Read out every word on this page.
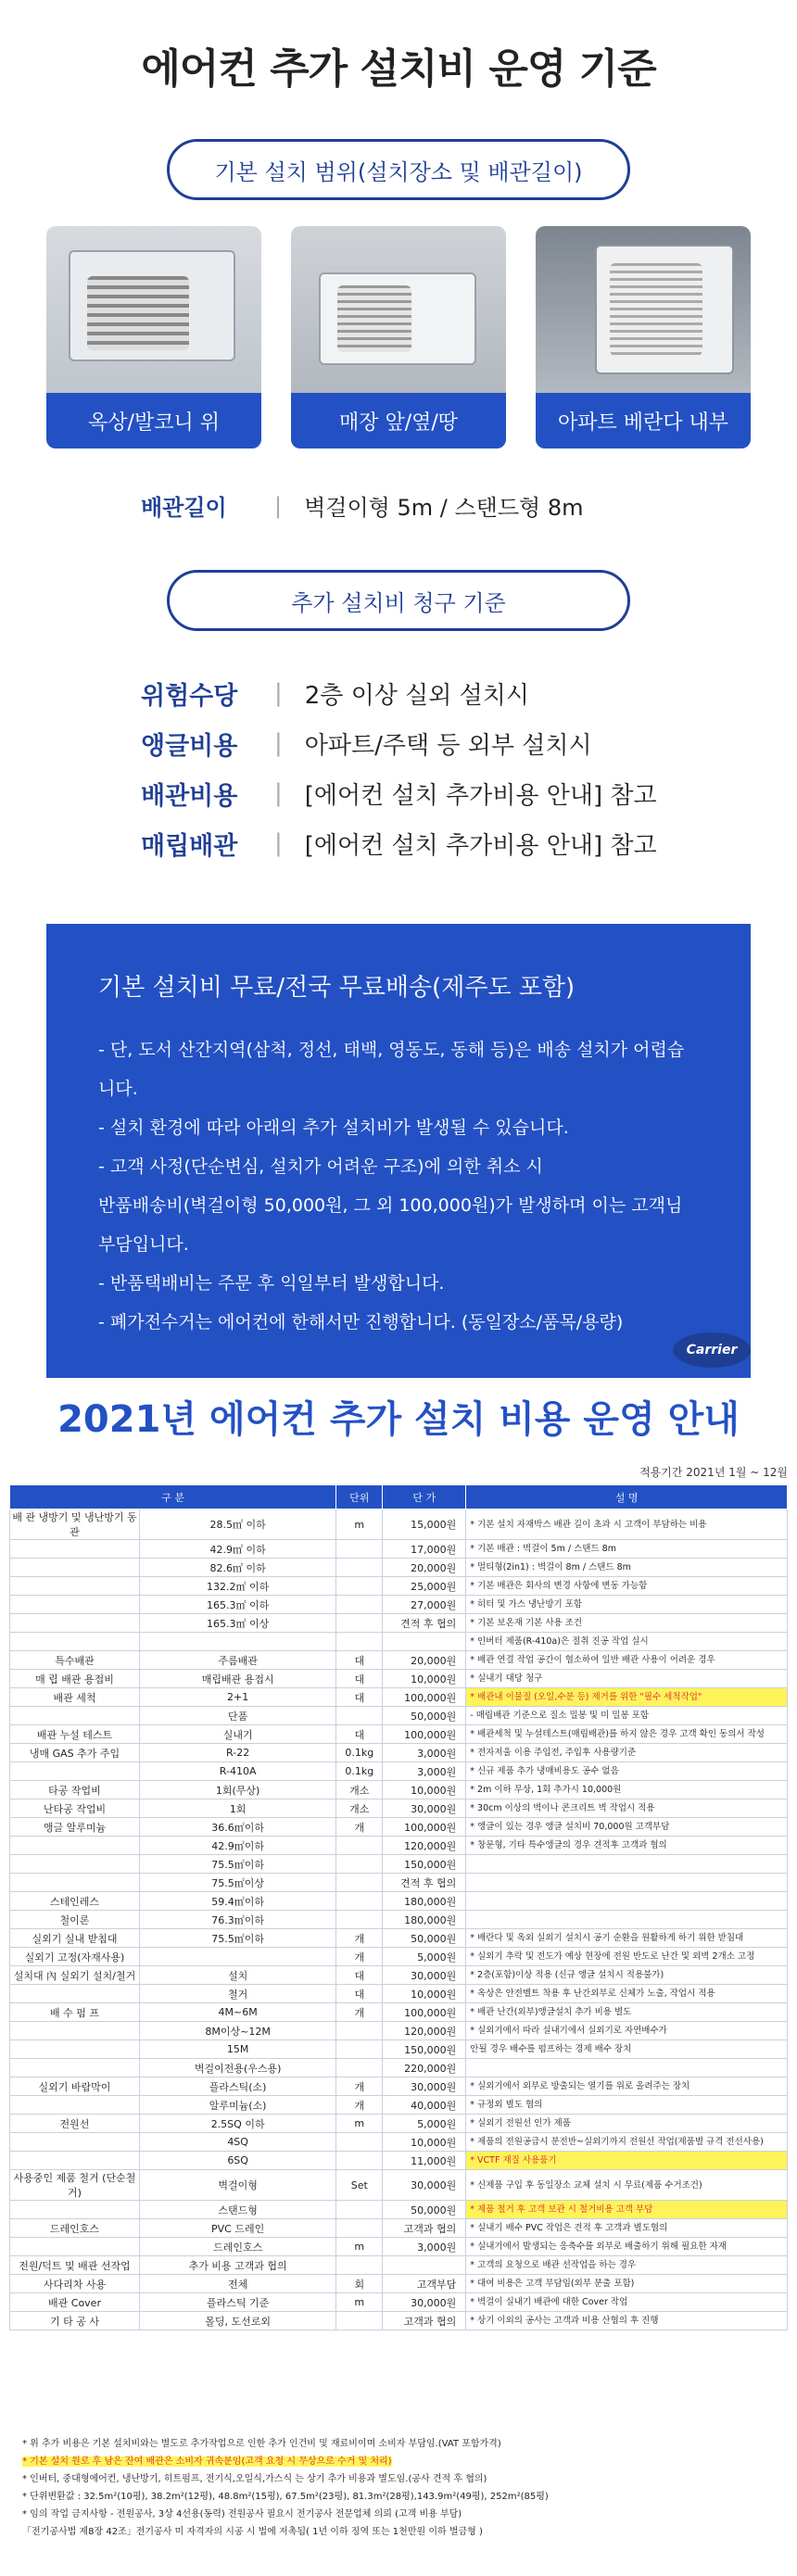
에어컨 추가 설치비 운영 기준
기본 설치 범위(설치장소 및 배관길이)
옥상/발코니 위	매장 앞/옆/땅	아파트 베란다 내부
배관길이	| 벽걸이형 5m / 스탠드형 8m
추가 설치비 청구 기준
위험수당	| 2층 이상 실외 설치시
앵글비용	| 아파트/주택 등 외부 설치시
배관비용	| [에어컨 설치 추가비용 안내] 참고
매립배관	| [에어컨 설치 추가비용 안내] 참고
기본 설치비 무료/전국 무료배송(제주도 포함)
- 단, 도서 산간지역(삼척, 정선, 태백, 영동도, 동해 등)은 배송 설치가 어렵습니다.
- 설치 환경에 따라 아래의 추가 설치비가 발생될 수 있습니다.
- 고객 사정(단순변심, 설치가 어려운 구조)에 의한 취소 시
반품배송비(벽걸이형 50,000원, 그 외 100,000원)가 발생하며 이는 고객님 부담입니다.
- 반품택배비는 주문 후 익일부터 발생합니다.
- 폐가전수거는 에어컨에 한해서만 진행합니다. (동일장소/품목/용량)
Carrier
2021년 에어컨 추가 설치 비용 운영 안내
적용기간 2021년 1월 ~ 12월
구 분		단위	단 가	설 명
배 관 냉방기 및 냉난방기 동관	28.5㎡ 이하	m	15,000원	* 기본 설치 자재박스 배관 길이 초과 시 고객이 부담하는 비용
	42.9㎡ 이하		17,000원	* 기본 배관 : 벽걸이 5m / 스탠드 8m
	82.6㎡ 이하		20,000원	* 멀티형(2in1) : 벽걸이 8m / 스탠드 8m
	132.2㎡ 이하		25,000원	* 기본 배관은 회사의 변경 사항에 변동 가능함
	165.3㎡ 이하		27,000원	* 히터 및 가스 냉난방기 포함
	165.3㎡ 이상		견적 후 협의	* 기본 보온재 기본 사용 조건
				* 인버터 제품(R-410a)은 절취 진공 작업 실시
특수배관	주름배관	대	20,000원	* 배관 연결 작업 공간이 협소하여 일반 배관 사용이 어려운 경우
매 립 배관 용접비	매립배관 용접시	대	10,000원	* 실내기 대당 청구
배관 세척	2+1	대	100,000원	* 배관내 이물질 (오일,수분 등) 제거를 위한 "필수 세척작업"
	단품		50,000원	- 매립배관 기준으로 질소 밀봉 및 미 밀봉 포함
배관 누설 테스트	실내기	대	100,000원	* 배관세척 및 누설테스트(매립배관)를 하지 않은 경우 고객 확인 동의서 작성
냉매 GAS 추가 주입	R-22	0.1kg	3,000원	* 전자저울 이용 주입전, 주입후 사용량기준
	R-410A	0.1kg	3,000원	* 신규 제품 추가 냉매비용도 공수 없음
타공 작업비	1회(무상)	개소	10,000원	* 2m 이하 무상, 1회 추가시 10,000원
난타공 작업비	1회	개소	30,000원	* 30cm 이상의 벽이나 콘크리트 벽 작업시 적용
앵글 알루미늄	36.6㎡이하	개	100,000원	* 앵글이 있는 경우 앵글 설치비 70,000원 고객부담
	42.9㎡이하		120,000원	* 창문형, 기타 특수앵글의 경우 견적후 고객과 협의
	75.5㎡이하		150,000원	
	75.5㎡이상		견적 후 협의	
스테인레스	59.4㎡이하		180,000원	
철이론	76.3㎡이하		180,000원	
실외기 실내 받침대	75.5㎡이하	개	50,000원	* 배란다 및 옥외 실외기 설치시 공기 순환을 원활하게 하기 위한 받침대
실외기 고정(자재사용)		개	5,000원	* 실외기 추락 및 전도가 예상 현장에 전원 반도로 난간 및 외벽 2개소 고정
설치대 內 실외기 설치/철거	설치	대	30,000원	* 2층(포함)이상 적용 (신규 앵글 설치시 적용불가)
	철거	대	10,000원	* 옥상은 안전벨트 착용 후 난간외부로 신체가 노출, 작업시 적용
배 수 펌 프	4M~6M	개	100,000원	* 배관 난간(외부)앵글설치 추가 비용 별도
	8M이상~12M		120,000원	* 실외기에서 따라 실내기에서 실외기로 자연배수가
	15M		150,000원	안될 경우 배수를 펌프하는 경제 배수 장치
	벽걸이전용(우스용)		220,000원	
실외기 바람막이	플라스틱(소)	개	30,000원	* 실외기에서 외부로 방출되는 열기를 위로 올려주는 장치
	알루미늄(소)	개	40,000원	* 규정외 별도 협의
전원선	2.5SQ 이하	m	5,000원	* 실외기 전원선 인가 제품
	4SQ		10,000원	* 제품의 전원공급시 분전반~실외기까지 전원선 작업(제품별 규격 전선사용)
	6SQ		11,000원	* VCTF 재질 사용품기
사용중인 제품 철거 (단순철거)	벽걸이형	Set	30,000원	* 신제품 구입 후 동일장소 교체 설치 시 무료(제품 수거조건)
	스탠드형		50,000원	* 제품 철거 후 고객 보관 시 철거비용 고객 부담
드레인호스	PVC 드레인		고객과 협의	* 실내기 배수 PVC 작업은 견적 후 고객과 별도협의
	드레인호스	m	3,000원	* 실내기에서 발생되는 응축수를 외부로 배출하기 위해 필요한 자재
전원/덕트 및 배관 선작업	추가 비용 고객과 협의			* 고객의 요청으로 배관 선작업을 하는 경우
사다리차 사용	전체	회	고객부담	* 대여 비용은 고객 부담임(외부 분출 포함)
배관 Cover	플라스틱 기준	m	30,000원	* 벽걸이 실내기 배관에 대한 Cover 작업
기 타 공 사	몰딩, 도선로외		고객과 협의	* 상기 이외의 공사는 고객과 비용 산협의 후 진행
* 위 추가 비용은 기본 설치비와는 별도로 추가작업으로 인한 추가 인건비 및 재료비이며 소비자 부담임.(VAT 포함가격)
* 기본 설치 원로 후 남은 잔여 배관은 소비자 귀속분임(고객 요청 시 무상으로 수거 및 처리)
* 인버터, 중대형에어컨, 냉난방기, 히트펌프, 전기식,오일식,가스식 는 상기 추가 비용과 별도임.(공사 견적 후 협의)
* 단위변환값 : 32.5m²(10평), 38.2m²(12평), 48.8m²(15평), 67.5m²(23평), 81.3m²(28평),143.9m²(49평), 252m²(85평)
* 임의 작업 금지사항 - 전원공사, 3상 4선용(동력) 전원공사 필요시 전기공사 전문업체 의뢰 (고객 비용 부담)
「전기공사법 제8장 42조」전기공사 미 자격자의 시공 시 법에 저촉됨( 1년 이하 징역 또는 1천만원 이하 벌금형 )
